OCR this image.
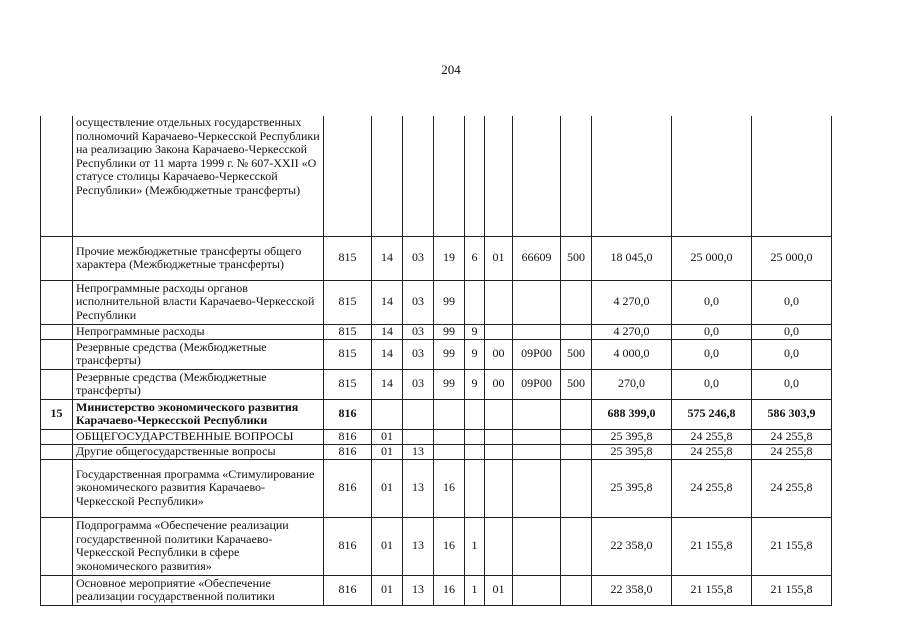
204
	осуществление отдельных государственных полномочий Карачаево-Черкесской Республики на реализацию Закона Карачаево-Черкесской Республики от 11 марта 1999 г. № 607-XXII «О статусе столицы Карачаево-Черкесской Республики» (Межбюджетные трансферты)											
	Прочие межбюджетные трансферты общего характера (Межбюджетные трансферты)	815	14	03	19	6	01	66609	500	18 045,0	25 000,0	25 000,0
	Непрограммные расходы органов исполнительной власти Карачаево-Черкесской Республики	815	14	03	99					4 270,0	0,0	0,0
	Непрограммные расходы	815	14	03	99	9				4 270,0	0,0	0,0
	Резервные средства (Межбюджетные трансферты)	815	14	03	99	9	00	09Р00	500	4 000,0	0,0	0,0
	Резервные средства (Межбюджетные трансферты)	815	14	03	99	9	00	09Р00	500	270,0	0,0	0,0
15	Министерство экономического развития Карачаево-Черкесской Республики	816								688 399,0	575 246,8	586 303,9
	ОБЩЕГОСУДАРСТВЕННЫЕ ВОПРОСЫ	816	01							25 395,8	24 255,8	24 255,8
	Другие общегосударственные вопросы	816	01	13						25 395,8	24 255,8	24 255,8
	Государственная программа «Стимулирование экономического развития Карачаево-Черкесской Республики»	816	01	13	16					25 395,8	24 255,8	24 255,8
	Подпрограмма «Обеспечение реализации государственной политики Карачаево-Черкесской Республики в сфере экономического развития»	816	01	13	16	1				22 358,0	21 155,8	21 155,8
	Основное мероприятие «Обеспечение реализации государственной политики	816	01	13	16	1	01			22 358,0	21 155,8	21 155,8
